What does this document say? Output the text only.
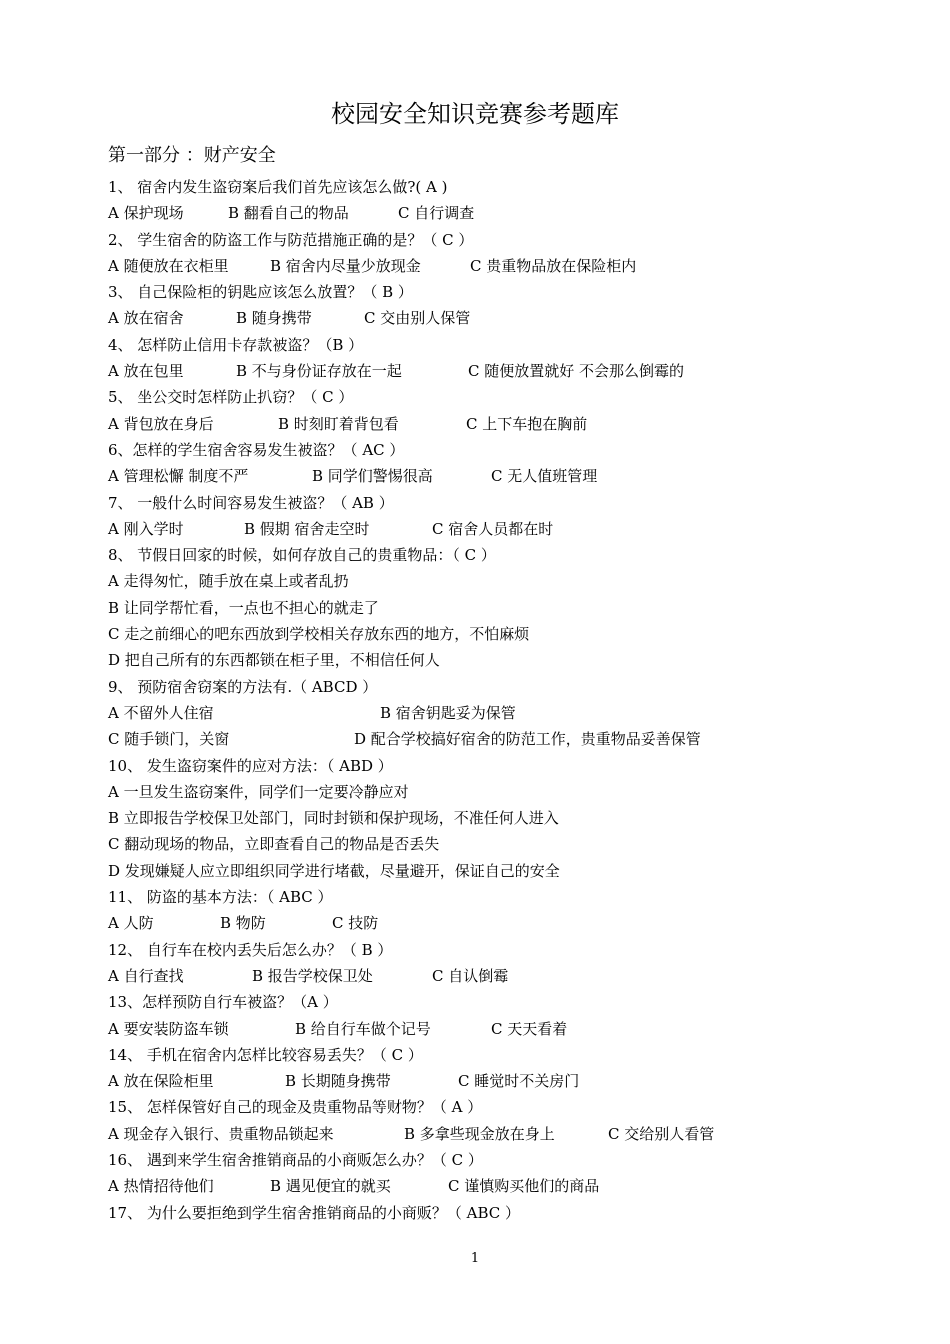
校园安全知识竞赛参考题库
第一部分 ：财产安全
1、 宿舍内发生盗窃案后我们首先应该怎么做?( A )
A 保护现场	B 翻看自己的物品	C 自行调查
2、 学生宿舍的防盗工作与防范措施正确的是？（ C ）
A 随便放在衣柜里	B 宿舍内尽量少放现金	C 贵重物品放在保险柜内
3、 自己保险柜的钥匙应该怎么放置？（ B ）
A 放在宿舍	B 随身携带	C 交由别人保管
4、 怎样防止信用卡存款被盗？（B ）
A 放在包里	B 不与身份证存放在一起	C 随便放置就好 不会那么倒霉的
5、 坐公交时怎样防止扒窃？（ C ）
A 背包放在身后	B 时刻盯着背包看	C 上下车抱在胸前
6、怎样的学生宿舍容易发生被盗？（ AC ）
A 管理松懈 制度不严	B 同学们警惕很高	C 无人值班管理
7、 一般什么时间容易发生被盗？（ AB ）
A 刚入学时	B 假期 宿舍走空时	C 宿舍人员都在时
8、 节假日回家的时候，如何存放自己的贵重物品：（ C ）
A 走得匆忙，随手放在桌上或者乱扔
B 让同学帮忙看，一点也不担心的就走了
C 走之前细心的吧东西放到学校相关存放东西的地方，不怕麻烦
D 把自己所有的东西都锁在柜子里，不相信任何人
9、 预防宿舍窃案的方法有.（ ABCD ）
A 不留外人住宿	B 宿舍钥匙妥为保管
C 随手锁门，关窗	D 配合学校搞好宿舍的防范工作，贵重物品妥善保管
10、 发生盗窃案件的应对方法：（ ABD ）
A 一旦发生盗窃案件，同学们一定要冷静应对
B 立即报告学校保卫处部门，同时封锁和保护现场，不准任何人进入
C 翻动现场的物品，立即查看自己的物品是否丢失
D 发现嫌疑人应立即组织同学进行堵截，尽量避开，保证自己的安全
11、 防盗的基本方法：（ ABC ）
A 人防	B 物防	C 技防
12、 自行车在校内丢失后怎么办？（ B ）
A 自行查找	B 报告学校保卫处	C 自认倒霉
13、怎样预防自行车被盗？（A ）
A 要安装防盗车锁	B 给自行车做个记号	C 天天看着
14、 手机在宿舍内怎样比较容易丢失？（ C ）
A 放在保险柜里	B 长期随身携带	C 睡觉时不关房门
15、 怎样保管好自己的现金及贵重物品等财物？（ A ）
A 现金存入银行、贵重物品锁起来	B 多拿些现金放在身上	C 交给别人看管
16、 遇到来学生宿舍推销商品的小商贩怎么办？（ C ）
A 热情招待他们	B 遇见便宜的就买	C 谨慎购买他们的商品
17、 为什么要拒绝到学生宿舍推销商品的小商贩？（ ABC ）
1
